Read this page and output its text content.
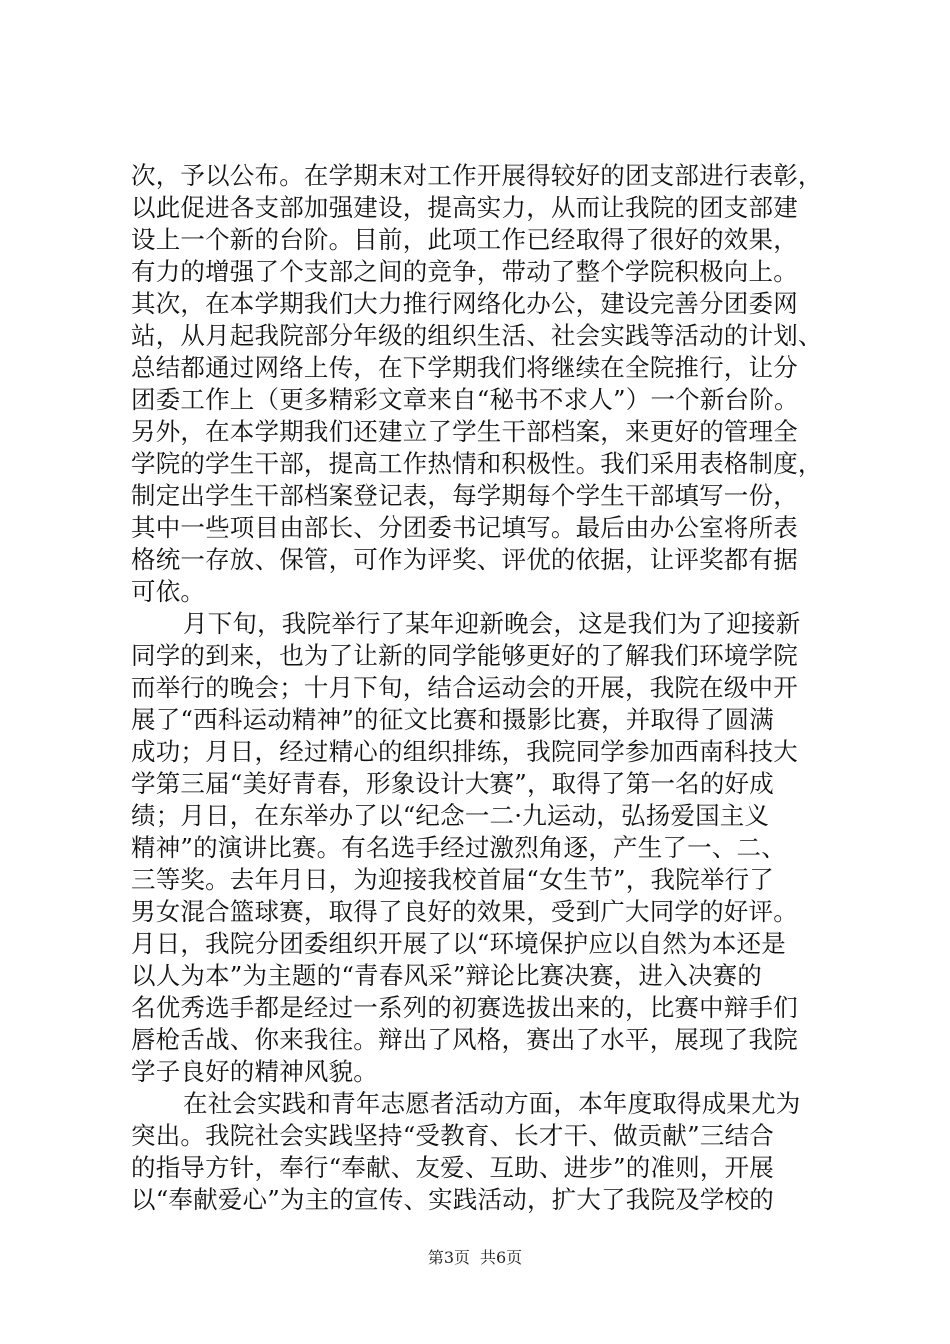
次，予以公布。在学期末对工作开展得较好的团支部进行表彰，
以此促进各支部加强建设，提高实力，从而让我院的团支部建
设上一个新的台阶。目前，此项工作已经取得了很好的效果，
有力的增强了个支部之间的竞争，带动了整个学院积极向上。
其次，在本学期我们大力推行网络化办公，建设完善分团委网
站，从月起我院部分年级的组织生活、社会实践等活动的计划、
总结都通过网络上传，在下学期我们将继续在全院推行，让分
团委工作上（更多精彩文章来自“秘书不求人”）一个新台阶。
另外，在本学期我们还建立了学生干部档案，来更好的管理全
学院的学生干部，提高工作热情和积极性。我们采用表格制度，
制定出学生干部档案登记表，每学期每个学生干部填写一份，
其中一些项目由部长、分团委书记填写。最后由办公室将所表
格统一存放、保管，可作为评奖、评优的依据，让评奖都有据
可依。
月下旬，我院举行了某年迎新晚会，这是我们为了迎接新
同学的到来，也为了让新的同学能够更好的了解我们环境学院
而举行的晚会；十月下旬，结合运动会的开展，我院在级中开
展了“西科运动精神”的征文比赛和摄影比赛，并取得了圆满
成功；月日，经过精心的组织排练，我院同学参加西南科技大
学第三届“美好青春，形象设计大赛”，取得了第一名的好成
绩；月日，在东举办了以“纪念一二·九运动，弘扬爱国主义
精神”的演讲比赛。有名选手经过激烈角逐，产生了一、二、
三等奖。去年月日，为迎接我校首届“女生节”，我院举行了
男女混合篮球赛，取得了良好的效果，受到广大同学的好评。
月日，我院分团委组织开展了以“环境保护应以自然为本还是
以人为本”为主题的“青春风采”辩论比赛决赛，进入决赛的
名优秀选手都是经过一系列的初赛选拔出来的，比赛中辩手们
唇枪舌战、你来我往。辩出了风格，赛出了水平，展现了我院
学子良好的精神风貌。
在社会实践和青年志愿者活动方面，本年度取得成果尤为
突出。我院社会实践坚持“受教育、长才干、做贡献”三结合
的指导方针，奉行“奉献、友爱、互助、进步”的准则，开展
以“奉献爱心”为主的宣传、实践活动，扩大了我院及学校的
第3页 共6页
